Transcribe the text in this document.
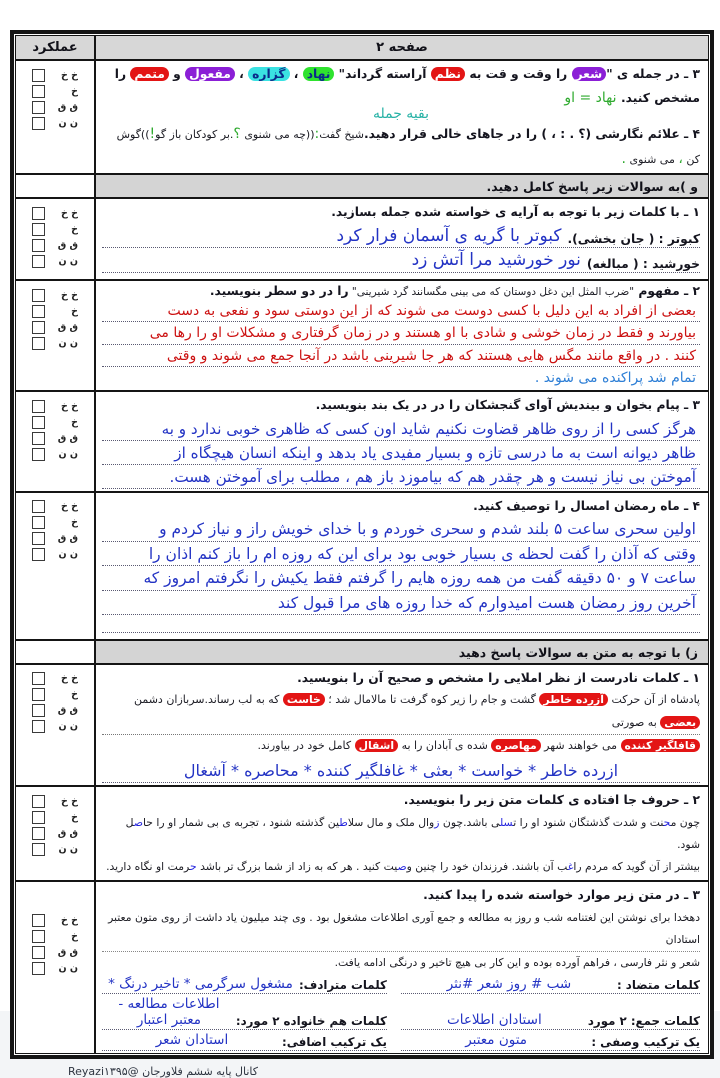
صفحه ۲
عملکرد
۳ ـ در جمله ی "شعر را وقت و قت به نظم آراسته گرداند" نهاد ، گزاره ، مفعول و متمم را مشخص کنید. نهاد = او
بقیه جمله
۴ ـ علائم نگارشی (؟ . : ، ) را در جاهای خالی قرار دهید.شیخ گفت:((چه می شنوی ؟.بر کودکان باز گو!))گوش کن ، می شنوی .
خ خ
خ
ق ق
ن ن
و )به سوالات زیر پاسخ کامل دهید.
۱ ـ با کلمات زیر با توجه به آرایه ی خواسته شده جمله بسازید.
کبوتر : ( جان بخشی).
کبوتر با گریه ی آسمان فرار کرد
خورشید : ( مبالغه)
نور خورشید مرا آتش زد
خ خ
خ
ق ق
ن ن
۲ ـ مفهوم "ضرب المثل این دغل دوستان که می بینی مگسانند گرد شیرینی" را در دو سطر بنویسید.
بعضی از افراد به این دلیل با کسی دوست می شوند که از این دوستی سود و نفعی به دست
بیاورند و فقط در زمان خوشی و شادی با او هستند و در زمان گرفتاری و مشکلات او را رها می
کنند . در واقع مانند مگس هایی هستند که هر جا شیرینی باشد در آنجا جمع می شوند و وقتی
تمام شد پراکنده می شوند .
خ خ
خ
ق ق
ن ن
۳ ـ پیام بخوان و بیندیش آوای گنجشکان را در در یک بند بنویسید.
هرگز کسی را از روی ظاهر قضاوت نکنیم شاید اون کسی که ظاهری خوبی ندارد و به
ظاهر دیوانه است به ما درسی تازه و بسیار مفیدی یاد بدهد و اینکه انسان هیچگاه از
آموختن بی نیاز نیست و هر چقدر هم که بیاموزد باز هم ، مطلب برای آموختن هست.
خ خ
خ
ق ق
ن ن
۴ ـ ماه رمضان امسال را توصیف کنید.
اولین سحری ساعت ۵ بلند شدم و سحری خوردم و با خدای خویش راز و نیاز کردم و
وقتی که آذان را گفت لحظه ی بسیار خوبی بود برای این که روزه ام را باز کنم اذان را
ساعت ۷ و ۵۰ دقیقه گفت من همه روزه هایم را گرفتم فقط یکیش را نگرفتم امروز که
آخرین روز رمضان هست امیدوارم که خدا روزه های مرا قبول کند
خ خ
خ
ق ق
ن ن
ز) با توجه به متن به سوالات پاسخ دهید
۱ ـ کلمات نادرست از نظر املایی را مشخص و صحیح آن را بنویسید.
پادشاه از آن حرکت آزرده خاطر گشت و جام را زیر کوه گرفت تا مالامال شد ؛ خاست که به لب رساند.سربازان دشمن بعضی به صورتی
قافلگیر کننده می خواهند شهر مهاصره شده ی آبادان را به اشقال کامل خود در بیاورند.
ازرده خاطر * خواست * بعثی * غافلگیر کننده * محاصره * آشغال
خ خ
خ
ق ق
ن ن
۲ ـ حروف جا افتاده ی کلمات متن زیر را بنویسید.
چون م‍‍ح‍‍نت و شدت گذشتگان شنود او را ت‍‍سل‍‍ی باشد.چون زوال ملک و مال سلاط‍‍ین گذشته شنود ، تجربه ی بی شمار او را حاص‍‍ل شود.
بیشتر از آن گوید که مردم راغ‍‍ب آن باشند. فرزندان خود را چنین وص‍‍یت کنید . هر که به زاد از شما بزرگ تر باشد ح‍‍رمت او نگاه دارید.
خ خ
خ
ق ق
ن ن
۳ ـ در متن زیر موارد خواسته شده را پیدا کنید.
دهخدا برای نوشتن این لغتنامه شب و روز به مطالعه و جمع آوری اطلاعات مشغول بود . وی چند میلیون یاد داشت از روی متون معتبر استادان
شعر و نثر فارسی ، فراهم آورده بوده و این کار بی هیچ تاخیر و درنگی ادامه یافت.
کلمات متضاد :
شب # روز شعر #نثر
کلمات مترادف:
مشغول سرگرمی * تاخیر درنگ *
کلمات جمع: ۲ مورد
استادان اطلاعات
کلمات هم خانواده ۲ مورد:
اطلاعات مطالعه - معتبر اعتبار
یک ترکیب وصفی :
متون معتبر
یک ترکیب اضافی:
استادان شعر
خ خ
خ
ق ق
ن ن
کانال پایه ششم فلاورجان @Reyazi۱۳۹۵
